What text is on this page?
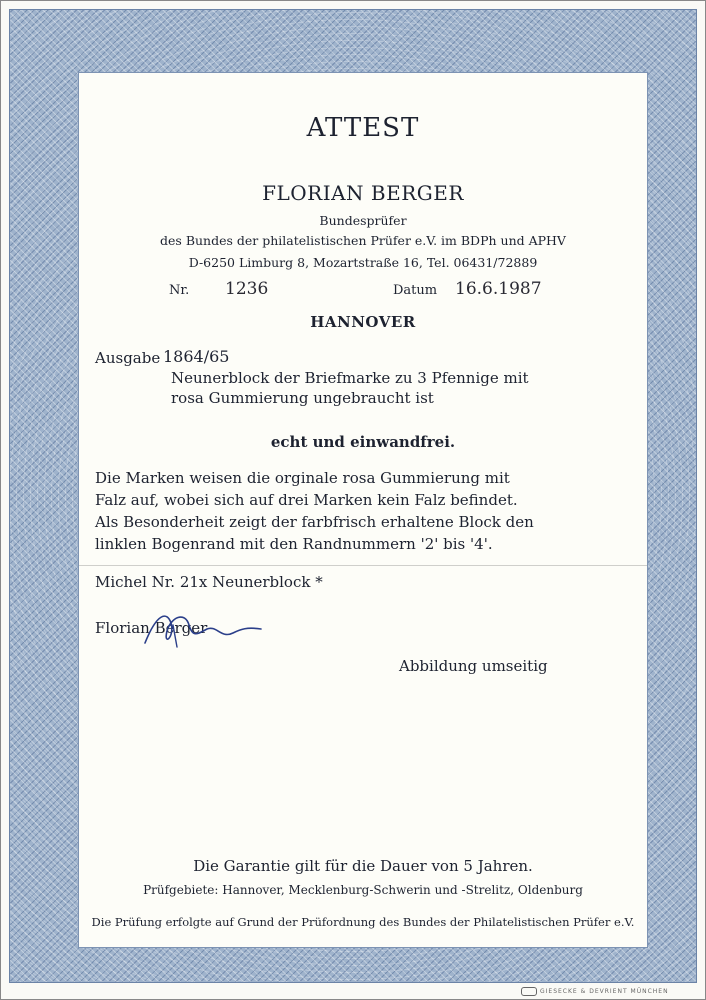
ATTEST
FLORIAN BERGER
Bundesprüfer
des Bundes der philatelistischen Prüfer e.V. im BDPh und APHV
D-6250 Limburg 8, Mozartstraße 16, Tel. 06431/72889
Nr. 1236	Datum 16.6.1987
HANNOVER
Ausgabe 1864/65
Neunerblock der Briefmarke zu 3 Pfennige mit
rosa Gummierung ungebraucht ist
echt und einwandfrei.
Die Marken weisen die orginale rosa Gummierung mit
Falz auf, wobei sich auf drei Marken kein Falz befindet.
Als Besonderheit zeigt der farbfrisch erhaltene Block den
linklen Bogenrand mit den Randnummern '2' bis '4'.
Michel Nr. 21x Neunerblock *
Florian Berger
Abbildung umseitig
Die Garantie gilt für die Dauer von 5 Jahren.
Prüfgebiete: Hannover, Mecklenburg-Schwerin und -Strelitz, Oldenburg
Die Prüfung erfolgte auf Grund der Prüfordnung des Bundes der Philatelistischen Prüfer e.V.
GIESECKE & DEVRIENT MÜNCHEN
